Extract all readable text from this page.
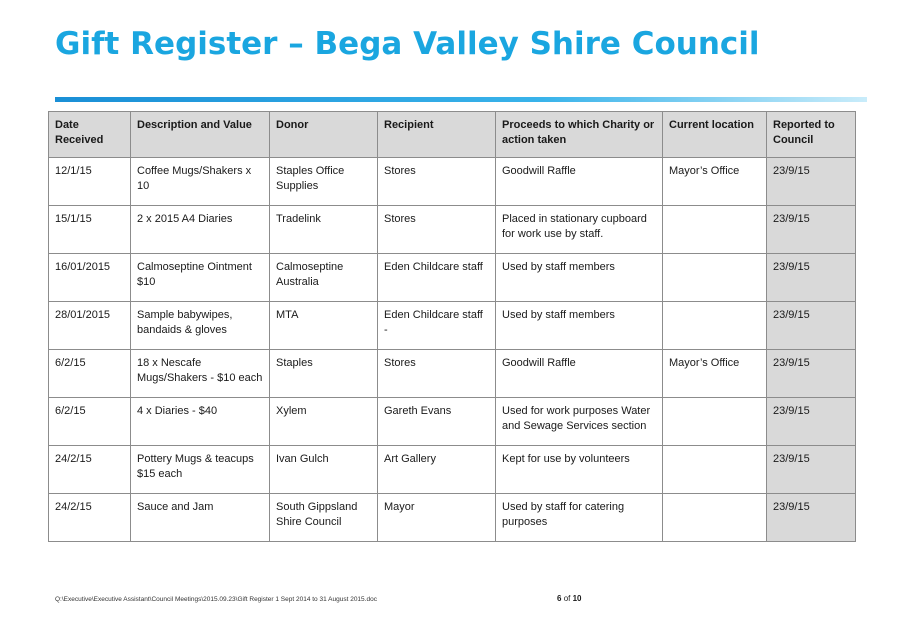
Gift Register – Bega Valley Shire Council
Date
Received	Description and Value	Donor	Recipient	Proceeds to which Charity or
action taken	Current location	Reported to
Council
12/1/15	Coffee Mugs/Shakers x 10	Staples Office
Supplies	Stores	Goodwill Raffle	Mayor’s Office	23/9/15
15/1/15	2 x 2015 A4 Diaries	Tradelink	Stores	Placed in stationary cupboard
for work use by staff.		23/9/15
16/01/2015	Calmoseptine Ointment
$10	Calmoseptine
Australia	Eden Childcare staff	Used by staff members		23/9/15
28/01/2015	Sample babywipes,
bandaids & gloves	MTA	Eden Childcare staff -	Used by staff members		23/9/15
6/2/15	18 x Nescafe
Mugs/Shakers - $10 each	Staples	Stores	Goodwill Raffle	Mayor’s Office	23/9/15
6/2/15	4 x Diaries - $40	Xylem	Gareth Evans	Used for work purposes Water
and Sewage Services section		23/9/15
24/2/15	Pottery Mugs & teacups
$15 each	Ivan Gulch	Art Gallery	Kept for use by volunteers		23/9/15
24/2/15	Sauce and Jam	South Gippsland
Shire Council	Mayor	Used by staff for catering
purposes		23/9/15
Q:\Executive\Executive Assistant\Council Meetings\2015.09.23\Gift Register 1 Sept 2014 to 31 August 2015.doc	6 of 10
